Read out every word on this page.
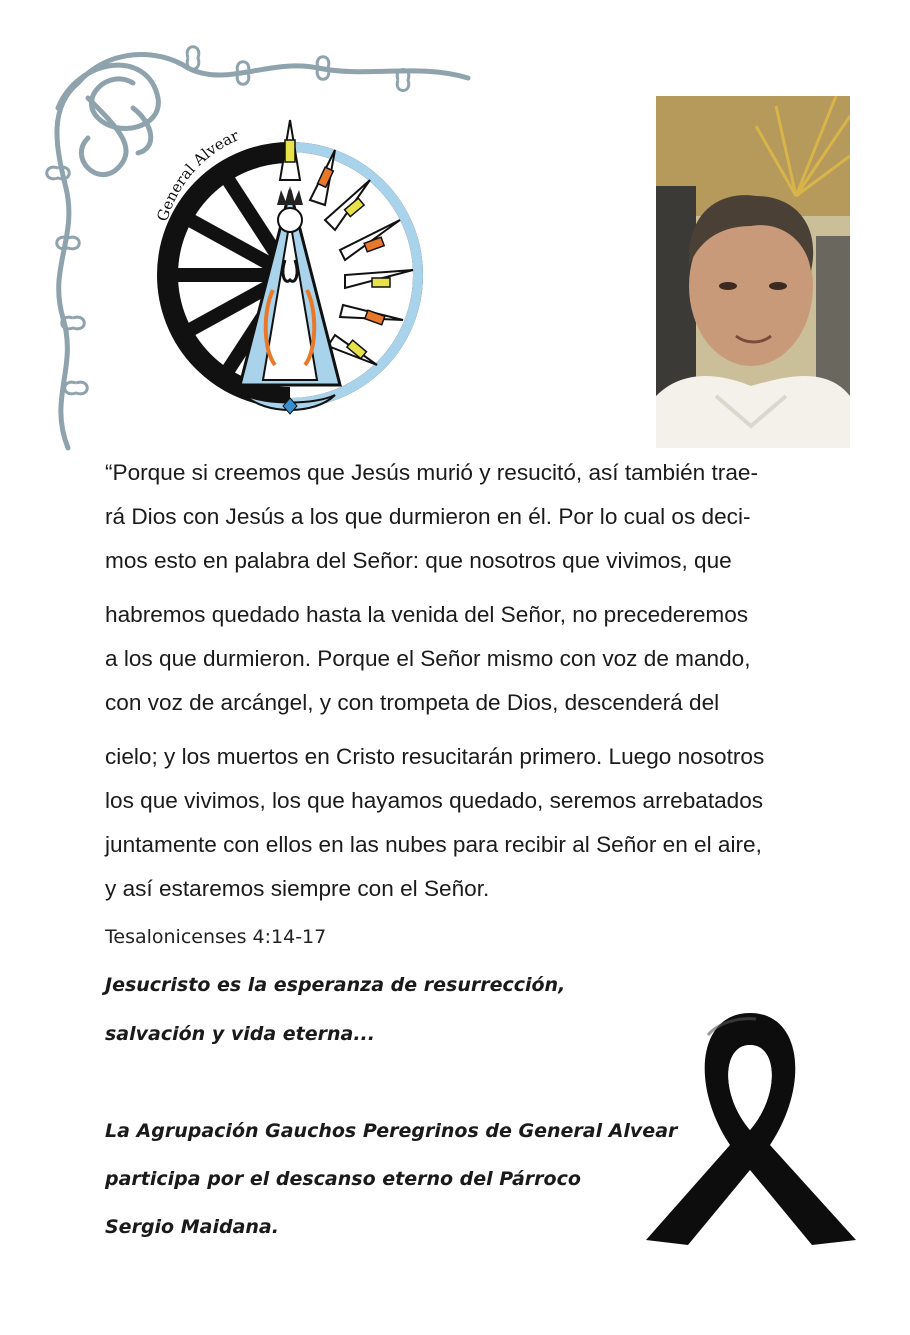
General Alvear
“Porque si creemos que Jesús murió y resucitó, así también trae-
rá Dios con Jesús a los que durmieron en él. Por lo cual os deci-
mos esto en palabra del Señor: que nosotros que vivimos, que
habremos quedado hasta la venida del Señor, no precederemos
a los que durmieron. Porque el Señor mismo con voz de mando,
con voz de arcángel, y con trompeta de Dios, descenderá del
cielo; y los muertos en Cristo resucitarán primero. Luego nosotros
los que vivimos, los que hayamos quedado, seremos arrebatados
juntamente con ellos en las nubes para recibir al Señor en el aire,
y así estaremos siempre con el Señor.
Tesalonicenses 4:14-17
Jesucristo es la esperanza de resurrección,
salvación y vida eterna...
La Agrupación Gauchos Peregrinos de General Alvear
participa por el descanso eterno del Párroco
Sergio Maidana.
